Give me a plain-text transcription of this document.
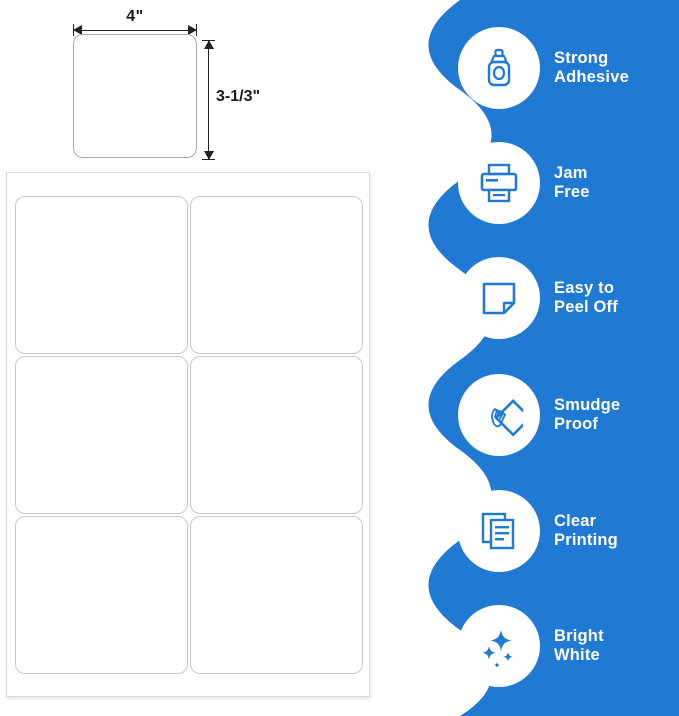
4"
3-1/3"
Strong
Adhesive
Jam
Free
Easy to
Peel Off
Smudge
Proof
Clear
Printing
Bright
White
